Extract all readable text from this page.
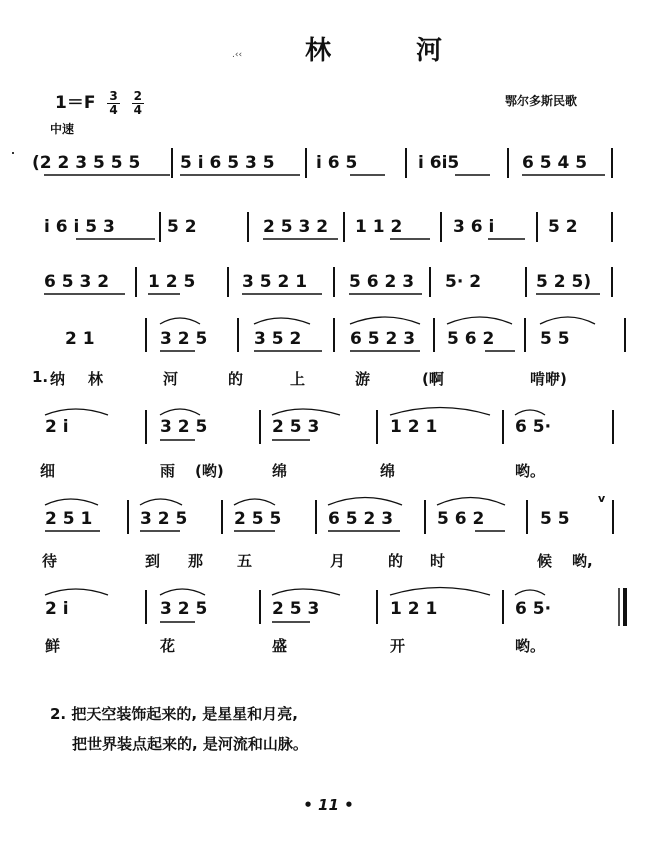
.‹‹ 林 河
$1=F \frac{3}{4}$
$\frac{2}{4}$	鄂尔多斯民歌
中速
(2 2 3 5 5 5 5 i 6 5 3 5 i 6 5	i 6i5	6 5 4 5
i 6 i 5 3	5 2	2 5 3 2 1 1 2	3 6 i	5 2
6 5 3 2 1 2 5	3 5 2 1 5 6 2 3 5· 2	5 2 5)
2 1	3 2 5	3 5 2	6 5 2 3 5 6 2	5 5
2 i	3 2 5	2 5 3	1 2 1	6 5·
2 5 1	3 2 5	2 5 5	6 5 2 3	5 6 2	5 5
v
2 i	3 2 5	2 5 3	1 2 1	6 5·
1. 纳 林	河	的	上	游	(啊	啃咿)
细	雨 (哟)	绵	绵	哟。
待	到 那 五	月	的 时	候 哟,
鲜	花	盛	开	哟。
2. 把天空装饰起来的, 是星星和月亮,
把世界装点起来的, 是河流和山脉。
• 11 •
